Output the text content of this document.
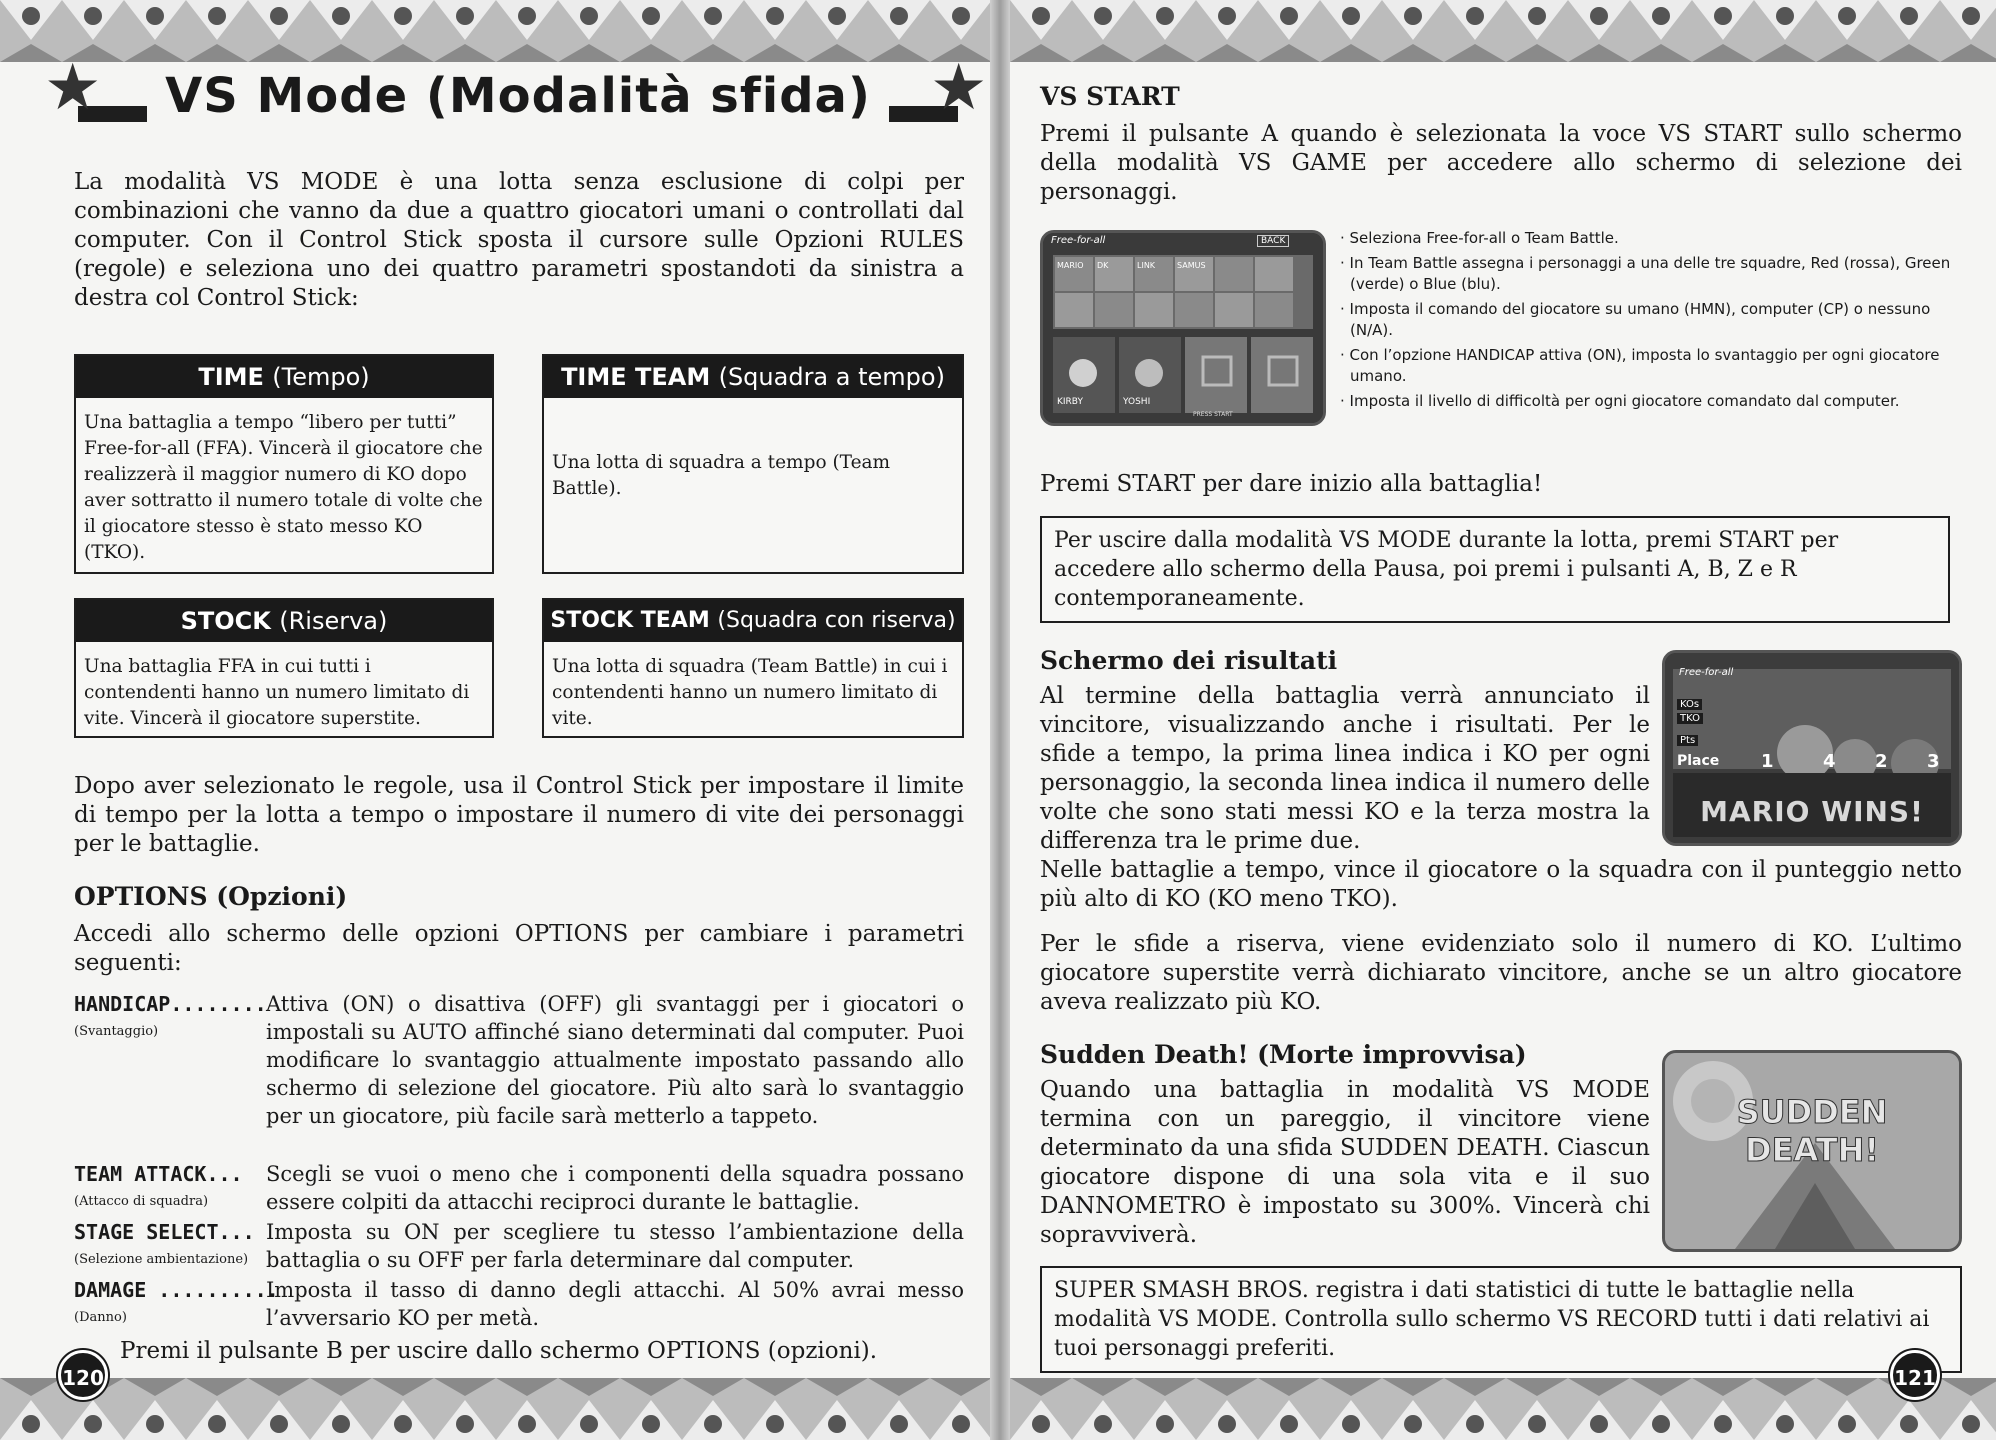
VS Mode (Modalità sfida)
★	★
La modalità VS MODE è una lotta senza esclusione di colpi per combinazioni che vanno da due a quattro giocatori umani o controllati dal computer. Con il Control Stick sposta il cursore sulle Opzioni RULES (regole) e seleziona uno dei quattro parametri spostandoti da sinistra a destra col Control Stick:
TIME (Tempo)
Una battaglia a tempo “libero per tutti” Free-for-all (FFA). Vincerà il giocatore che realizzerà il maggior numero di KO dopo aver sottratto il numero totale di volte che il giocatore stesso è stato messo KO (TKO).
TIME TEAM (Squadra a tempo)
Una lotta di squadra a tempo (Team Battle).
STOCK (Riserva)
Una battaglia FFA in cui tutti i contendenti hanno un numero limitato di vite. Vincerà il giocatore superstite.
STOCK TEAM (Squadra con riserva)
Una lotta di squadra (Team Battle) in cui i contendenti hanno un numero limitato di vite.
Dopo aver selezionato le regole, usa il Control Stick per impostare il limite di tempo per la lotta a tempo o impostare il numero di vite dei personaggi per le battaglie.
OPTIONS (Opzioni)
Accedi allo schermo delle opzioni OPTIONS per cambiare i parametri seguenti:
HANDICAP........
(Svantaggio)
Attiva (ON) o disattiva (OFF) gli svantaggi per i giocatori o impostali su AUTO affinché siano determinati dal computer. Puoi modificare lo svantaggio attualmente impostato passando allo schermo di selezione del giocatore. Più alto sarà lo svantaggio per un giocatore, più facile sarà metterlo a tappeto.
TEAM ATTACK...
(Attacco di squadra)
Scegli se vuoi o meno che i componenti della squadra possano essere colpiti da attacchi reciproci durante le battaglie.
STAGE SELECT...
(Selezione ambientazione)
Imposta su ON per scegliere tu stesso l’ambientazione della battaglia o su OFF per farla determinare dal computer.
DAMAGE ..........
(Danno)
Imposta il tasso di danno degli attacchi. Al 50% avrai messo l’avversario KO per metà.
Premi il pulsante B per uscire dallo schermo OPTIONS (opzioni).
120
VS START
Premi il pulsante A quando è selezionata la voce VS START sullo schermo della modalità VS GAME per accedere allo schermo di selezione dei personaggi.
Free-for-all	BACK
KIRBY	YOSHI
PRESS START
MARIO DK	LINK	SAMUS
· Seleziona Free-for-all o Team Battle.
· In Team Battle assegna i personaggi a una delle tre squadre, Red (rossa), Green (verde) o Blue (blu).
· Imposta il comando del giocatore su umano (HMN), computer (CP) o nessuno (N/A).
· Con l’opzione HANDICAP attiva (ON), imposta lo svantaggio per ogni giocatore umano.
· Imposta il livello di difficoltà per ogni giocatore comandato dal computer.
Premi START per dare inizio alla battaglia!
Per uscire dalla modalità VS MODE durante la lotta, premi START per accedere allo schermo della Pausa, poi premi i pulsanti A, B, Z e R contemporaneamente.
Schermo dei risultati
Al termine della battaglia verrà annunciato il vincitore, visualizzando anche i risultati. Per le sfide a tempo, la prima linea indica i KO per ogni personaggio, la seconda linea indica il numero delle volte che sono stati messi KO e la terza mostra la differenza tra le prime due.
Free-for-all
KOs
TKO
Pts
Place 1	4 2 3
MARIO WINS!
Nelle battaglie a tempo, vince il giocatore o la squadra con il punteggio netto più alto di KO (KO meno TKO).
Per le sfide a riserva, viene evidenziato solo il numero di KO. L’ultimo giocatore superstite verrà dichiarato vincitore, anche se un altro giocatore aveva realizzato più KO.
Sudden Death! (Morte improvvisa)
Quando una battaglia in modalità VS MODE termina con un pareggio, il vincitore viene determinato da una sfida SUDDEN DEATH. Ciascun giocatore dispone di una sola vita e il suo DANNOMETRO è impostato su 300%. Vincerà chi sopravviverà.
SUDDEN
DEATH!
SUPER SMASH BROS. registra i dati statistici di tutte le battaglie nella modalità VS MODE. Controlla sullo schermo VS RECORD tutti i dati relativi ai tuoi personaggi preferiti.
121
